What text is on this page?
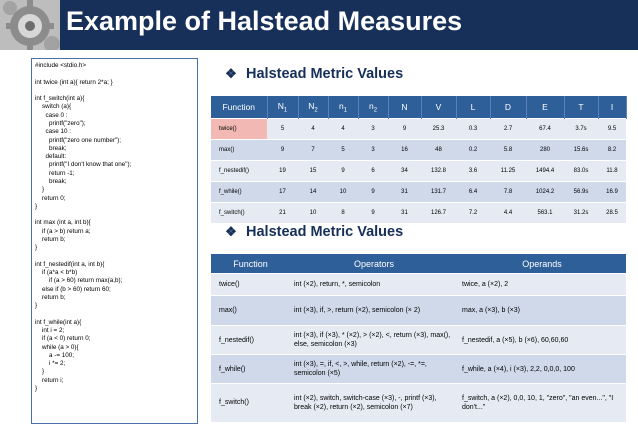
Example of Halstead Measures
#include <stdio.h>

int twice (int a){ return 2*a; }

int f_switch(int a){
switch (a){
case 0 :
printf("zero");
case 10 :
printf("zero one number");
break;
default:
printf("I don't know that one");
return -1;
break;
}
return 0;
}

int max (int a, int b){
if (a > b) return a;
return b;
}

int f_nestedif(int a, int b){
if (a*a < b*b)
if (a > 60) return max(a,b);
else if (b > 60) return 60;
return b;
}

int f_while(int a){
int i = 2;
if (a < 0) return 0;
while (a > 0){
a -= 100;
i *= 2;
}
return i;
}
❖ Halstead Metric Values
Function	$N_1$	$N_2$	$n_1$	$n_2$	N	V	L	D	E	T	I
twice()	5	4	4	3	9	25.3	0.3	2.7	67.4	3.7s	9.5
max()	9	7	5	3	16	48	0.2	5.8	280	15.6s	8.2
f_nestedif()	19	15	9	6	34	132.8	3.6	11.25	1494.4	83.0s	11.8
f_while()	17	14	10	9	31	131.7	6.4	7.8	1024.2	56.9s	16.9
f_switch()	21	10	8	9	31	126.7	7.2	4.4	563.1	31.2s	28.5
❖ Halstead Metric Values
Function	Operators	Operands
twice()	int (×2), return, *, semicolon	twice, a (×2), 2
max()	int (×3), if, >, return (×2), semicolon (× 2)	max, a (×3), b (×3)
f_nestedif()	int (×3), if (×3), * (×2), > (×2), <, return (×3), max(), else, semicolon (×3)	f_nestedif, a (×5), b (×6), 60,60,60
f_while()	int (×3), =, if, <, >, while, return (×2), -=, *=, semicolon (×5)	f_while, a (×4), i (×3), 2,2, 0,0,0, 100
f_switch()	int (×2), switch, switch-case (×3), -, printf (×3), break (×2), return (×2), semicolon (×7)	f_switch, a (×2), 0,0, 10, 1, "zero", "an even...", "I don't..."
